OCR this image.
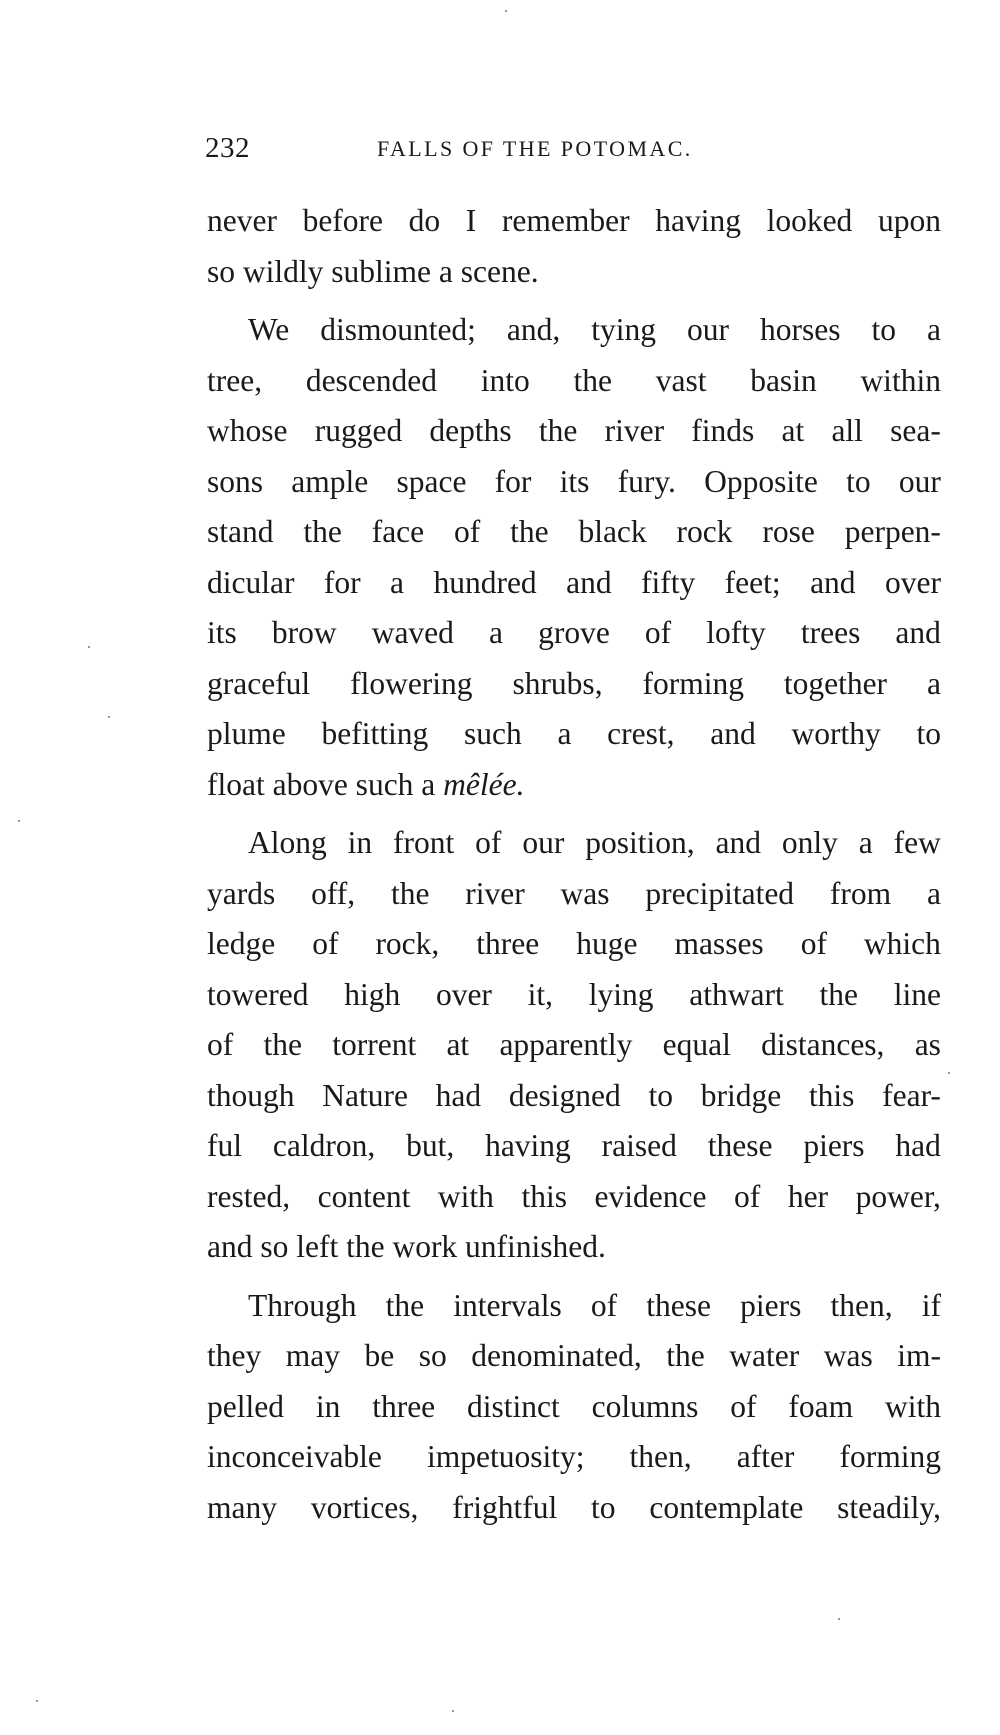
232	FALLS OF THE POTOMAC.
never before do I remember having looked upon
so wildly sublime a scene.
We dismounted; and, tying our horses to a
tree, descended into the vast basin within
whose rugged depths the river finds at all sea-
sons ample space for its fury. Opposite to our
stand the face of the black rock rose perpen-
dicular for a hundred and fifty feet; and over
its brow waved a grove of lofty trees and
graceful flowering shrubs, forming together a
plume befitting such a crest, and worthy to
float above such a mêlée.
Along in front of our position, and only a few
yards off, the river was precipitated from a
ledge of rock, three huge masses of which
towered high over it, lying athwart the line
of the torrent at apparently equal distances, as
though Nature had designed to bridge this fear-
ful caldron, but, having raised these piers had
rested, content with this evidence of her power,
and so left the work unfinished.
Through the intervals of these piers then, if
they may be so denominated, the water was im-
pelled in three distinct columns of foam with
inconceivable impetuosity; then, after forming
many vortices, frightful to contemplate steadily,
